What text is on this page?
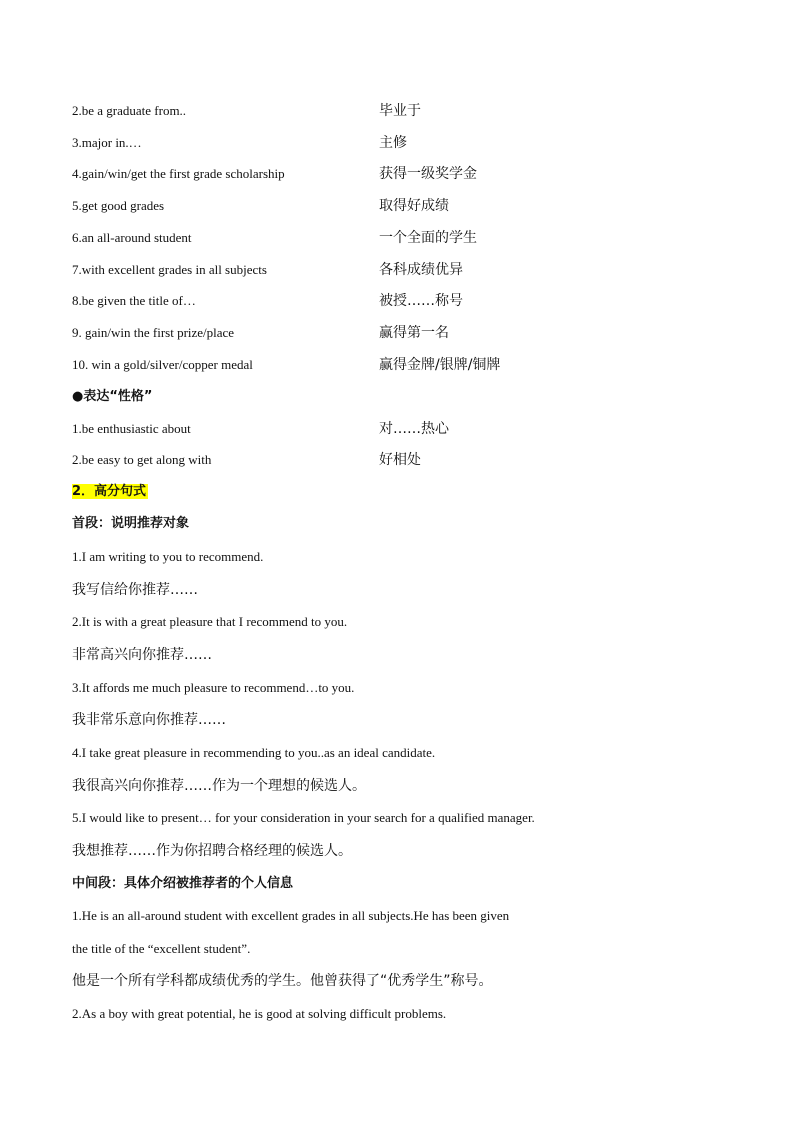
2.be a graduate from..	毕业于
3.major in.…	主修
4.gain/win/get the first grade scholarship	获得一级奖学金
5.get good grades	取得好成绩
6.an all-around student	一个全面的学生
7.with excellent grades in all subjects	各科成绩优异
8.be given the title of…	被授……称号
9. gain/win the first prize/place	赢得第一名
10. win a gold/silver/copper medal	赢得金牌/银牌/铜牌
●表达“性格”
1.be enthusiastic about	对……热心
2.be easy to get along with	好相处
2．高分句式
首段：说明推荐对象
1.I am writing to you to recommend.
我写信给你推荐……
2.It is with a great pleasure that I recommend to you.
非常高兴向你推荐……
3.It affords me much pleasure to recommend…to you.
我非常乐意向你推荐……
4.I take great pleasure in recommending to you..as an ideal candidate.
我很高兴向你推荐……作为一个理想的候选人。
5.I would like to present… for your consideration in your search for a qualified manager.
我想推荐……作为你招聘合格经理的候选人。
中间段：具体介绍被推荐者的个人信息
1.He is an all-around student with excellent grades in all subjects.He has been given
the title of the “excellent student”.
他是一个所有学科都成绩优秀的学生。他曾获得了“优秀学生”称号。
2.As a boy with great potential, he is good at solving difficult problems.
